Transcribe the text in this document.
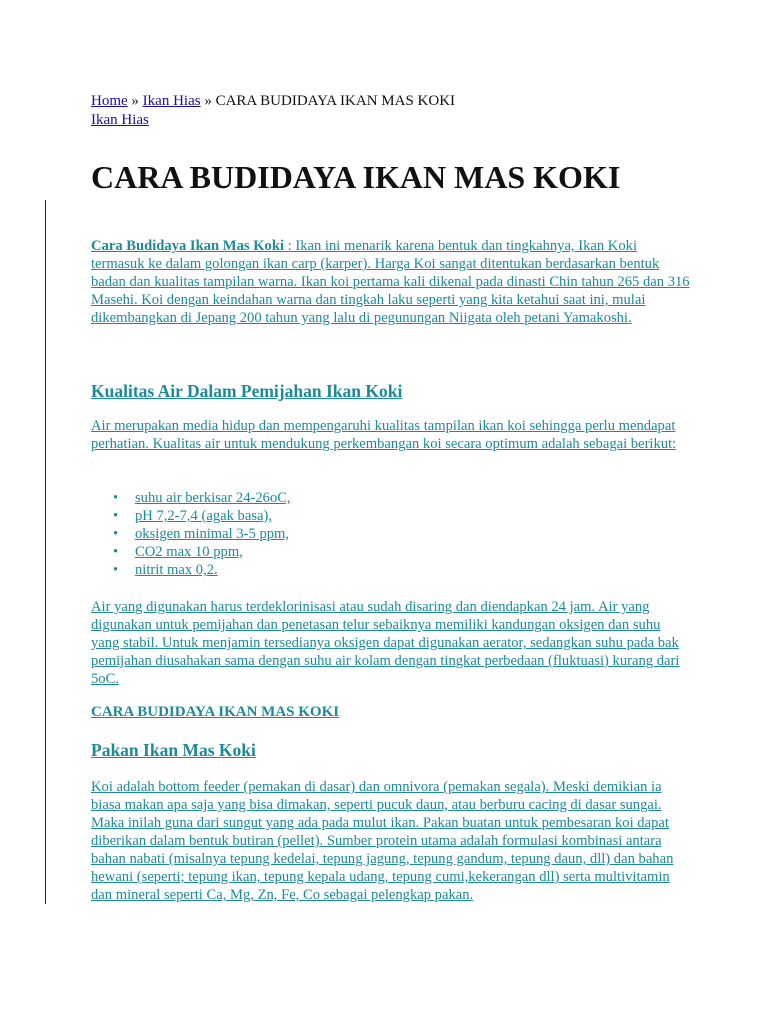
Home » Ikan Hias » CARA BUDIDAYA IKAN MAS KOKI
Ikan Hias
CARA BUDIDAYA IKAN MAS KOKI

Cara Budidaya Ikan Mas Koki : Ikan ini menarik karena bentuk dan tingkahnya, Ikan Koki termasuk ke dalam golongan ikan carp (karper). Harga Koi sangat ditentukan berdasarkan bentuk badan dan kualitas tampilan warna. Ikan koi pertama kali dikenal pada dinasti Chin tahun 265 dan 316 Masehi. Koi dengan keindahan warna dan tingkah laku seperti yang kita ketahui saat ini, mulai dikembangkan di Jepang 200 tahun yang lalu di pegunungan Niigata oleh petani Yamakoshi.

Kualitas Air Dalam Pemijahan Ikan Koki

Air merupakan media hidup dan mempengaruhi kualitas tampilan ikan koi sehingga perlu mendapat perhatian. Kualitas air untuk mendukung perkembangan koi secara optimum adalah sebagai berikut:

• suhu air berkisar 24-26oC,
• pH 7,2-7,4 (agak basa),
• oksigen minimal 3-5 ppm,
• CO2 max 10 ppm,
• nitrit max 0,2.

Air yang digunakan harus terdeklorinisasi atau sudah disaring dan diendapkan 24 jam. Air yang digunakan untuk pemijahan dan penetasan telur sebaiknya memiliki kandungan oksigen dan suhu yang stabil. Untuk menjamin tersedianya oksigen dapat digunakan aerator, sedangkan suhu pada bak pemijahan diusahakan sama dengan suhu air kolam dengan tingkat perbedaan (fluktuasi) kurang dari 5oC.

CARA BUDIDAYA IKAN MAS KOKI
Pakan Ikan Mas Koki

Koi adalah bottom feeder (pemakan di dasar) dan omnivora (pemakan segala). Meski demikian ia biasa makan apa saja yang bisa dimakan, seperti pucuk daun, atau berburu cacing di dasar sungai. Maka inilah guna dari sungut yang ada pada mulut ikan. Pakan buatan untuk pembesaran koi dapat diberikan dalam bentuk butiran (pellet). Sumber protein utama adalah formulasi kombinasi antara bahan nabati (misalnya tepung kedelai, tepung jagung, tepung gandum, tepung daun, dll) dan bahan hewani (seperti; tepung ikan, tepung kepala udang, tepung cumi,kekerangan dll) serta multivitamin dan mineral seperti Ca, Mg, Zn, Fe, Co sebagai pelengkap pakan.
